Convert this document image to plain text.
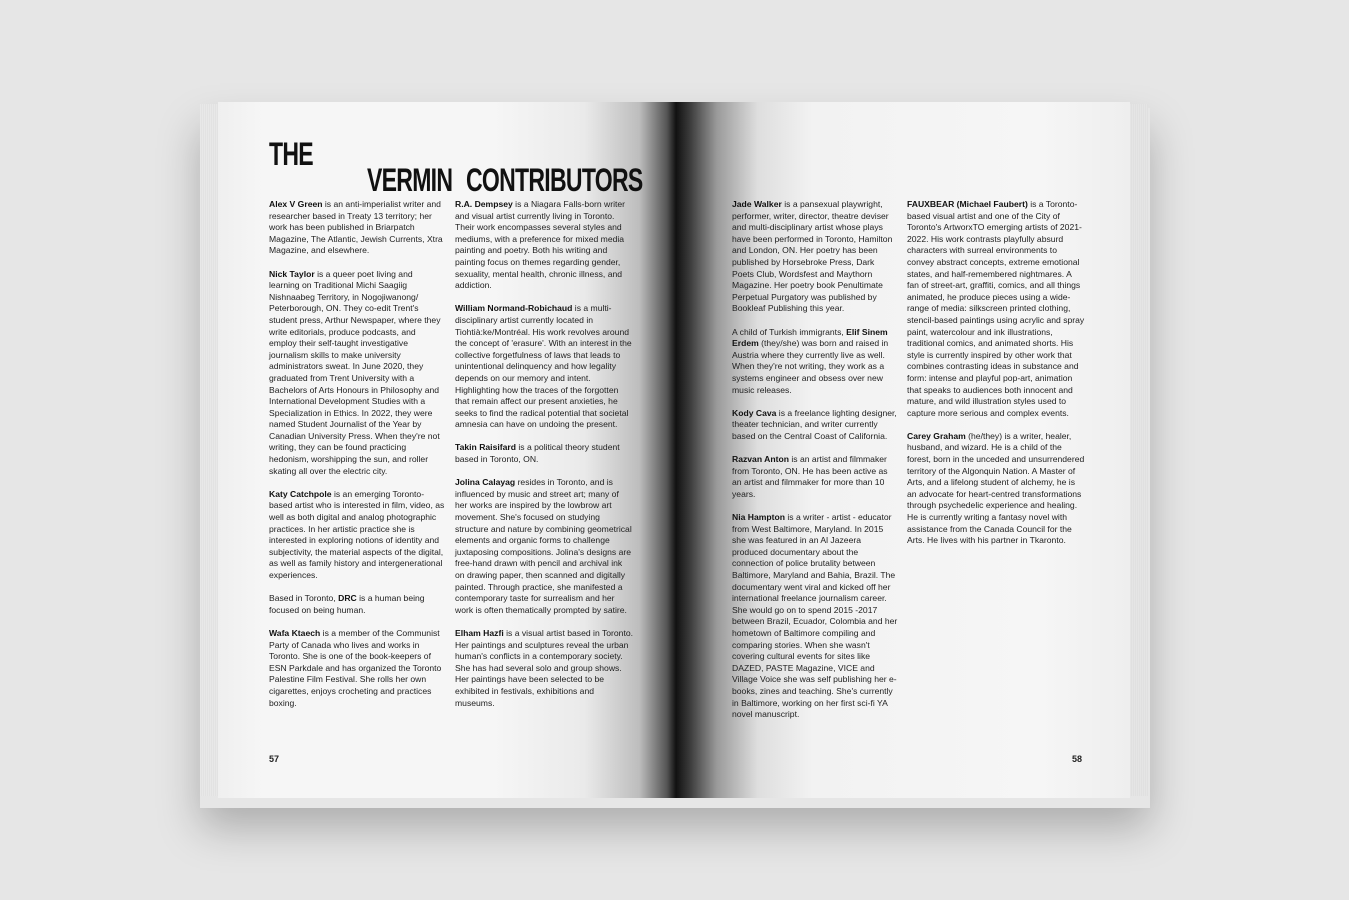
THE
VERMIN CONTRIBUTORS

Alex V Green is an anti-imperialist writer and researcher based in Treaty 13 territory; her work has been published in Briarpatch Magazine, The Atlantic, Jewish Currents, Xtra Magazine, and elsewhere.

Nick Taylor is a queer poet living and learning on Traditional Michi Saagiig Nishnaabeg Territory, in Nogojiwanong/ Peterborough, ON. They co-edit Trent's student press, Arthur Newspaper, where they write editorials, produce podcasts, and employ their self-taught investigative journalism skills to make university administrators sweat. In June 2020, they graduated from Trent University with a Bachelors of Arts Honours in Philosophy and International Development Studies with a Specialization in Ethics. In 2022, they were named Student Journalist of the Year by Canadian University Press. When they're not writing, they can be found practicing hedonism, worshipping the sun, and roller skating all over the electric city.

Katy Catchpole is an emerging Toronto-based artist who is interested in film, video, as well as both digital and analog photographic practices. In her artistic practice she is interested in exploring notions of identity and subjectivity, the material aspects of the digital, as well as family history and intergenerational experiences.

Based in Toronto, DRC is a human being focused on being human.

Wafa Ktaech is a member of the Communist Party of Canada who lives and works in Toronto. She is one of the book-keepers of ESN Parkdale and has organized the Toronto Palestine Film Festival. She rolls her own cigarettes, enjoys crocheting and practices boxing.

R.A. Dempsey is a Niagara Falls-born writer and visual artist currently living in Toronto. Their work encompasses several styles and mediums, with a preference for mixed media painting and poetry. Both his writing and painting focus on themes regarding gender, sexuality, mental health, chronic illness, and addiction.

William Normand-Robichaud is a multi-disciplinary artist currently located in Tiohtià:ke/Montréal. His work revolves around the concept of 'erasure'. With an interest in the collective forgetfulness of laws that leads to unintentional delinquency and how legality depends on our memory and intent. Highlighting how the traces of the forgotten that remain affect our present anxieties, he seeks to find the radical potential that societal amnesia can have on undoing the present.

Takin Raisifard is a political theory student based in Toronto, ON.

Jolina Calayag resides in Toronto, and is influenced by music and street art; many of her works are inspired by the lowbrow art movement. She's focused on studying structure and nature by combining geometrical elements and organic forms to challenge juxtaposing compositions. Jolina's designs are free-hand drawn with pencil and archival ink on drawing paper, then scanned and digitally painted. Through practice, she manifested a contemporary taste for surrealism and her work is often thematically prompted by satire.

Elham Hazfi is a visual artist based in Toronto. Her paintings and sculptures reveal the urban human's conflicts in a contemporary society. She has had several solo and group shows. Her paintings have been selected to be exhibited in festivals, exhibitions and museums.

57

Jade Walker is a pansexual playwright, performer, writer, director, theatre deviser and multi-disciplinary artist whose plays have been performed in Toronto, Hamilton and London, ON. Her poetry has been published by Horsebroke Press, Dark Poets Club, Wordsfest and Maythorn Magazine. Her poetry book Penultimate Perpetual Purgatory was published by Bookleaf Publishing this year.

A child of Turkish immigrants, Elif Sinem Erdem (they/she) was born and raised in Austria where they currently live as well. When they're not writing, they work as a systems engineer and obsess over new music releases.

Kody Cava is a freelance lighting designer, theater technician, and writer currently based on the Central Coast of California.

Razvan Anton is an artist and filmmaker from Toronto, ON. He has been active as an artist and filmmaker for more than 10 years.

Nia Hampton is a writer - artist - educator from West Baltimore, Maryland. In 2015 she was featured in an Al Jazeera produced documentary about the connection of police brutality between Baltimore, Maryland and Bahia, Brazil. The documentary went viral and kicked off her international freelance journalism career. She would go on to spend 2015 -2017 between Brazil, Ecuador, Colombia and her hometown of Baltimore compiling and comparing stories. When she wasn't covering cultural events for sites like DAZED, PASTE Magazine, VICE and Village Voice she was self publishing her e-books, zines and teaching. She's currently in Baltimore, working on her first sci-fi YA novel manuscript.

FAUXBEAR (Michael Faubert) is a Toronto-based visual artist and one of the City of Toronto's ArtworxTO emerging artists of 2021-2022. His work contrasts playfully absurd characters with surreal environments to convey abstract concepts, extreme emotional states, and half-remembered nightmares. A fan of street-art, graffiti, comics, and all things animated, he produce pieces using a wide-range of media: silkscreen printed clothing, stencil-based paintings using acrylic and spray paint, watercolour and ink illustrations, traditional comics, and animated shorts. His style is currently inspired by other work that combines contrasting ideas in substance and form: intense and playful pop-art, animation that speaks to audiences both innocent and mature, and wild illustration styles used to capture more serious and complex events.

Carey Graham (he/they) is a writer, healer, husband, and wizard. He is a child of the forest, born in the unceded and unsurrendered territory of the Algonquin Nation. A Master of Arts, and a lifelong student of alchemy, he is an advocate for heart-centred transformations through psychedelic experience and healing. He is currently writing a fantasy novel with assistance from the Canada Council for the Arts. He lives with his partner in Tkaronto.

58
